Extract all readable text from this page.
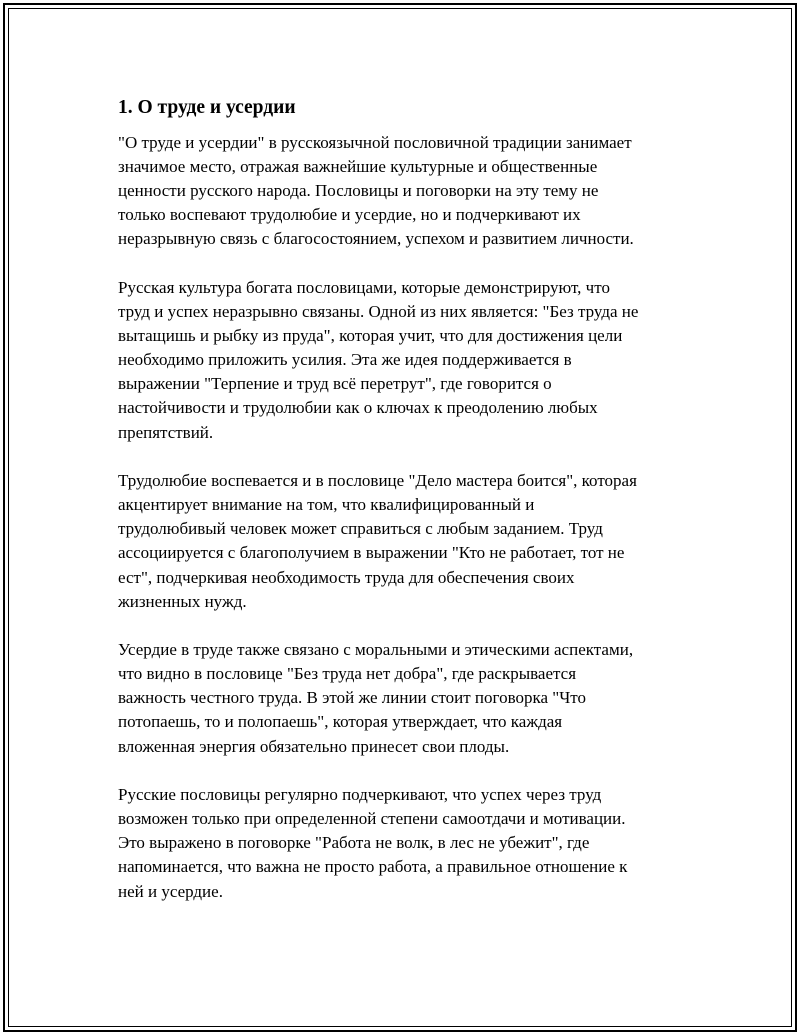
1. О труде и усердии

"О труде и усердии" в русскоязычной пословичной традиции занимает
значимое место, отражая важнейшие культурные и общественные
ценности русского народа. Пословицы и поговорки на эту тему не
только воспевают трудолюбие и усердие, но и подчеркивают их
неразрывную связь с благосостоянием, успехом и развитием личности.

Русская культура богата пословицами, которые демонстрируют, что
труд и успех неразрывно связаны. Одной из них является: "Без труда не
вытащишь и рыбку из пруда", которая учит, что для достижения цели
необходимо приложить усилия. Эта же идея поддерживается в
выражении "Терпение и труд всё перетрут", где говорится о
настойчивости и трудолюбии как о ключах к преодолению любых
препятствий.

Трудолюбие воспевается и в пословице "Дело мастера боится", которая
акцентирует внимание на том, что квалифицированный и
трудолюбивый человек может справиться с любым заданием. Труд
ассоциируется с благополучием в выражении "Кто не работает, тот не
ест", подчеркивая необходимость труда для обеспечения своих
жизненных нужд.

Усердие в труде также связано с моральными и этическими аспектами,
что видно в пословице "Без труда нет добра", где раскрывается
важность честного труда. В этой же линии стоит поговорка "Что
потопаешь, то и полопаешь", которая утверждает, что каждая
вложенная энергия обязательно принесет свои плоды.

Русские пословицы регулярно подчеркивают, что успех через труд
возможен только при определенной степени самоотдачи и мотивации.
Это выражено в поговорке "Работа не волк, в лес не убежит", где
напоминается, что важна не просто работа, а правильное отношение к
ней и усердие.
